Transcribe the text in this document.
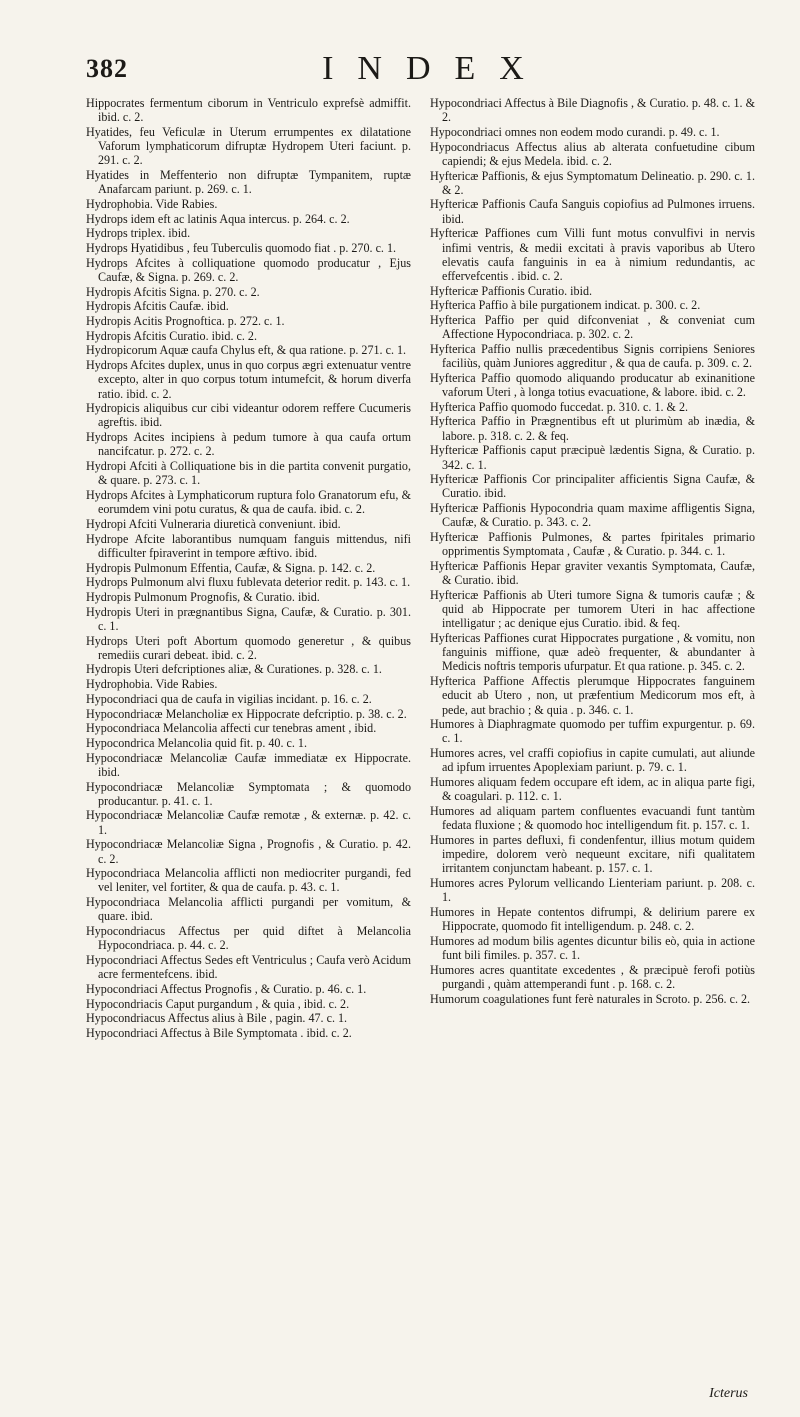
382	INDEX

Hippocrates fermentum ciborum in Ventriculo exprefsè admiffit. ibid. c. 2.

Hyatides, feu Veficulæ in Uterum errumpentes ex dilatatione Vaforum lymphaticorum difruptæ Hydropem Uteri faciunt. p. 291. c. 2.

Hyatides in Meffenterio non difruptæ Tympanitem, ruptæ Anafarcam pariunt. p. 269. c. 1.

Hydrophobia. Vide Rabies.

Hydrops idem eft ac latinis Aqua intercus. p. 264. c. 2.

Hydrops triplex. ibid.

Hydrops Hyatidibus , feu Tuberculis quomodo fiat . p. 270. c. 1.

Hydrops Afcites à colliquatione quomodo producatur , Ejus Caufæ, & Signa. p. 269. c. 2.

Hydropis Afcitis Signa. p. 270. c. 2.

Hydropis Afcitis Caufæ. ibid.

Hydropis Acitis Prognoftica. p. 272. c. 1.

Hydropis Afcitis Curatio. ibid. c. 2.

Hydropicorum Aquæ caufa Chylus eft, & qua ratione. p. 271. c. 1.

Hydrops Afcites duplex, unus in quo corpus ægri extenuatur ventre excepto, alter in quo corpus totum intumefcit, & horum diverfa ratio. ibid. c. 2.

Hydropicis aliquibus cur cibi videantur odorem reffere Cucumeris agreftis. ibid.

Hydrops Acites incipiens à pedum tumore à qua caufa ortum nancifcatur. p. 272. c. 2.

Hydropi Afciti à Colliquatione bis in die partita convenit purgatio, & quare. p. 273. c. 1.

Hydrops Afcites à Lymphaticorum ruptura folo Granatorum efu, & eorumdem vini potu curatus, & qua de caufa. ibid. c. 2.

Hydropi Afciti Vulneraria diureticà conveniunt. ibid.

Hydrope Afcite laborantibus numquam fanguis mittendus, nifi difficulter fpiraverint in tempore æftivo. ibid.

Hydropis Pulmonum Effentia, Caufæ, & Signa. p. 142. c. 2.

Hydrops Pulmonum alvi fluxu fublevata deterior redit. p. 143. c. 1.

Hydropis Pulmonum Prognofis, & Curatio. ibid.

Hydropis Uteri in prægnantibus Signa, Caufæ, & Curatio. p. 301. c. 1.

Hydrops Uteri poft Abortum quomodo generetur , & quibus remediis curari debeat. ibid. c. 2.

Hydropis Uteri defcriptiones aliæ, & Curationes. p. 328. c. 1.

Hydrophobia. Vide Rabies.

Hypocondriaci qua de caufa in vigilias incidant. p. 16. c. 2.

Hypocondriacæ Melancholiæ ex Hippocrate defcriptio. p. 38. c. 2.

Hypocondriaca Melancolia affecti cur tenebras ament , ibid.

Hypocondrica Melancolia quid fit. p. 40. c. 1.

Hypocondriacæ Melancoliæ Caufæ immediatæ ex Hippocrate. ibid.

Hypocondriacæ Melancoliæ Symptomata ; & quomodo producantur. p. 41. c. 1.

Hypocondriacæ Melancoliæ Caufæ remotæ , & externæ. p. 42. c. 1.

Hypocondriacæ Melancoliæ Signa , Prognofis , & Curatio. p. 42. c. 2.

Hypocondriaca Melancolia afflicti non mediocriter purgandi, fed vel leniter, vel fortiter, & qua de caufa. p. 43. c. 1.

Hypocondriaca Melancolia afflicti purgandi per vomitum, & quare. ibid.

Hypocondriacus Affectus per quid diftet à Melancolia Hypocondriaca. p. 44. c. 2.

Hypocondriaci Affectus Sedes eft Ventriculus ; Caufa verò Acidum acre fermentefcens. ibid.

Hypocondriaci Affectus Prognofis , & Curatio. p. 46. c. 1.

Hypocondriacis Caput purgandum , & quia , ibid. c. 2.

Hypocondriacus Affectus alius à Bile , pagin. 47. c. 1.

Hypocondriaci Affectus à Bile Symptomata . ibid. c. 2.

Hypocondriaci Affectus à Bile Diagnofis , & Curatio. p. 48. c. 1. & 2.

Hypocondriaci omnes non eodem modo curandi. p. 49. c. 1.

Hypocondriacus Affectus alius ab alterata confuetudine cibum capiendi; & ejus Medela. ibid. c. 2.

Hyftericæ Paffionis, & ejus Symptomatum Delineatio. p. 290. c. 1. & 2.

Hyftericæ Paffionis Caufa Sanguis copiofius ad Pulmones irruens. ibid.

Hyftericæ Paffiones cum Villi funt motus convulfivi in nervis infimi ventris, & medii excitati à pravis vaporibus ab Utero elevatis caufa fanguinis in ea à nimium redundantis, ac effervefcentis . ibid. c. 2.

Hyftericæ Paffionis Curatio. ibid.

Hyfterica Paffio à bile purgationem indicat. p. 300. c. 2.

Hyfterica Paffio per quid difconveniat , & conveniat cum Affectione Hypocondriaca. p. 302. c. 2.

Hyfterica Paffio nullis præcedentibus Signis corripiens Seniores faciliùs, quàm Juniores aggreditur , & qua de caufa. p. 309. c. 2.

Hyfterica Paffio quomodo aliquando producatur ab exinanitione vaforum Uteri , à longa totius evacuatione, & labore. ibid. c. 2.

Hyfterica Paffio quomodo fuccedat. p. 310. c. 1. & 2.

Hyfterica Paffio in Prægnentibus eft ut plurimùm ab inædia, & labore. p. 318. c. 2. & feq.

Hyftericæ Paffionis caput præcipuè lædentis Signa, & Curatio. p. 342. c. 1.

Hyftericæ Paffionis Cor principaliter afficientis Signa Caufæ, & Curatio. ibid.

Hyftericæ Paffionis Hypocondria quam maxime affligentis Signa, Caufæ, & Curatio. p. 343. c. 2.

Hyftericæ Paffionis Pulmones, & partes fpiritales primario opprimentis Symptomata , Caufæ , & Curatio. p. 344. c. 1.

Hyftericæ Paffionis Hepar graviter vexantis Symptomata, Caufæ, & Curatio. ibid.

Hyftericæ Paffionis ab Uteri tumore Signa & tumoris caufæ ; & quid ab Hippocrate per tumorem Uteri in hac affectione intelligatur ; ac denique ejus Curatio. ibid. & feq.

Hyftericas Paffiones curat Hippocrates purgatione , & vomitu, non fanguinis miffione, quæ adeò frequenter, & abundanter à Medicis noftris temporis ufurpatur. Et qua ratione. p. 345. c. 2.

Hyfterica Paffione Affectis plerumque Hippocrates fanguinem educit ab Utero , non, ut præfentium Medicorum mos eft, à pede, aut brachio ; & quia . p. 346. c. 1.

Humores à Diaphragmate quomodo per tuffim expurgentur. p. 69. c. 1.

Humores acres, vel craffi copiofius in capite cumulati, aut aliunde ad ipfum irruentes Apoplexiam pariunt. p. 79. c. 1.

Humores aliquam fedem occupare eft idem, ac in aliqua parte figi, & coagulari. p. 112. c. 1.

Humores ad aliquam partem confluentes evacuandi funt tantùm fedata fluxione ; & quomodo hoc intelligendum fit. p. 157. c. 1.

Humores in partes defluxi, fi condenfentur, illius motum quidem impedire, dolorem verò nequeunt excitare, nifi qualitatem irritantem conjunctam habeant. p. 157. c. 1.

Humores acres Pylorum vellicando Lienteriam pariunt. p. 208. c. 1.

Humores in Hepate contentos difrumpi, & delirium parere ex Hippocrate, quomodo fit intelligendum. p. 248. c. 2.

Humores ad modum bilis agentes dicuntur bilis eò, quia in actione funt bili fimiles. p. 357. c. 1.

Humores acres quantitate excedentes , & præcipuè ferofi potiùs purgandi , quàm attemperandi funt . p. 168. c. 2.

Humorum coagulationes funt ferè naturales in Scroto. p. 256. c. 2.

Icterus
